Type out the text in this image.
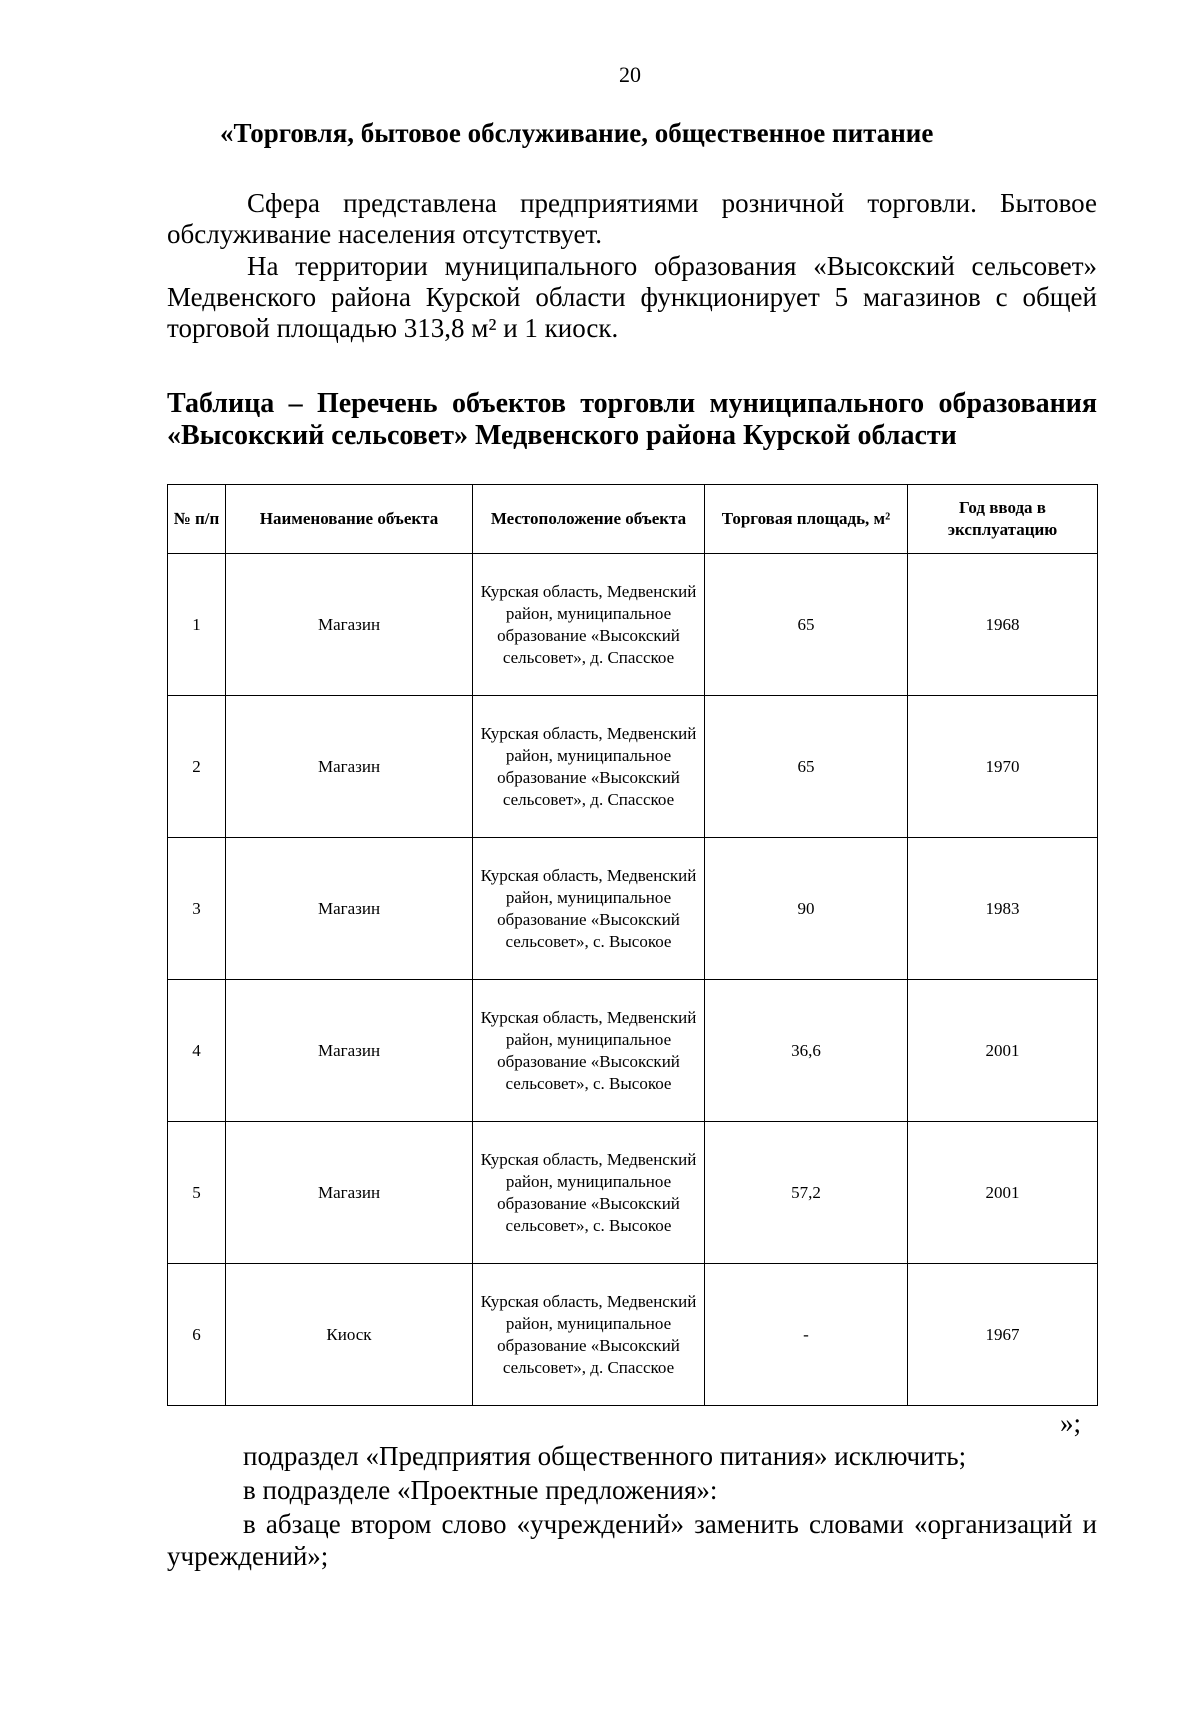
20
«Торговля, бытовое обслуживание, общественное питание
Сфера представлена предприятиями розничной торговли. Бытовое обслуживание населения отсутствует.
На территории муниципального образования «Высокский сельсовет» Медвенского района Курской области функционирует 5 магазинов с общей торговой площадью 313,8 м² и 1 киоск.
Таблица – Перечень объектов торговли муниципального образования «Высокский сельсовет» Медвенского района Курской области
№ п/п	Наименование объекта	Местоположение объекта	Торговая площадь, м²	Год ввода в эксплуатацию
1	Магазин	Курская область, Медвенский район, муниципальное образование «Высокский сельсовет», д. Спасское	65	1968
2	Магазин	Курская область, Медвенский район, муниципальное образование «Высокский сельсовет», д. Спасское	65	1970
3	Магазин	Курская область, Медвенский район, муниципальное образование «Высокский сельсовет», с. Высокое	90	1983
4	Магазин	Курская область, Медвенский район, муниципальное образование «Высокский сельсовет», с. Высокое	36,6	2001
5	Магазин	Курская область, Медвенский район, муниципальное образование «Высокский сельсовет», с. Высокое	57,2	2001
6	Киоск	Курская область, Медвенский район, муниципальное образование «Высокский сельсовет», д. Спасское	-	1967
»;
подраздел «Предприятия общественного питания» исключить;
в подразделе «Проектные предложения»:
в абзаце втором слово «учреждений» заменить словами «организаций и учреждений»;
